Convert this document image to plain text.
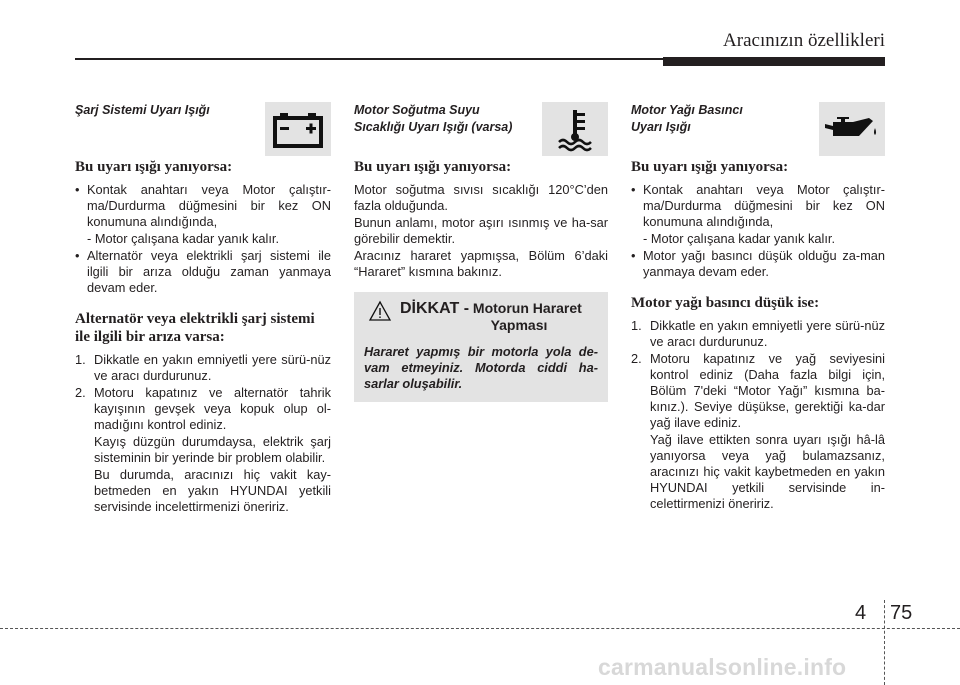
Aracınızın özellikleri
Şarj Sistemi Uyarı Işığı
Bu uyarı ışığı yanıyorsa:
• Kontak anahtarı veya Motor çalıştır-ma/Durdurma düğmesini bir kez ON konumuna alındığında,
- Motor çalışana kadar yanık kalır.
• Alternatör veya elektrikli şarj sistemi ile ilgili bir arıza olduğu zaman yanmaya devam eder.
Alternatör veya elektrikli şarj sistemi ile ilgili bir arıza varsa:
1. Dikkatle en yakın emniyetli yere sürü-nüz ve aracı durdurunuz.
2. Motoru kapatınız ve alternatör tahrik kayışının gevşek veya kopuk olup ol-madığını kontrol ediniz.
Kayış düzgün durumdaysa, elektrik şarj sisteminin bir yerinde bir problem olabilir.
Bu durumda, aracınızı hiç vakit kay-betmeden en yakın HYUNDAI yetkili servisinde incelettirmenizi öneririz.
Motor Soğutma Suyu
Sıcaklığı Uyarı Işığı (varsa)
Bu uyarı ışığı yanıyorsa:
Motor soğutma sıvısı sıcaklığı 120°C’den fazla olduğunda.
Bunun anlamı, motor aşırı ısınmış ve ha-sar görebilir demektir.
Aracınız hararet yapmışsa, Bölüm 6’daki “Hararet” kısmına bakınız.
DİKKAT - Motorun Hararet
Yapması
Hararet yapmış bir motorla yola de-vam etmeyiniz. Motorda ciddi ha-sarlar oluşabilir.
Motor Yağı Basıncı
Uyarı Işığı
Bu uyarı ışığı yanıyorsa:
• Kontak anahtarı veya Motor çalıştır-ma/Durdurma düğmesini bir kez ON konumuna alındığında,
- Motor çalışana kadar yanık kalır.
• Motor yağı basıncı düşük olduğu za-man yanmaya devam eder.
Motor yağı basıncı düşük ise:
1. Dikkatle en yakın emniyetli yere sürü-nüz ve aracı durdurunuz.
2. Motoru kapatınız ve yağ seviyesini kontrol ediniz (Daha fazla bilgi için, Bölüm 7'deki “Motor Yağı” kısmına ba-kınız.). Seviye düşükse, gerektiği ka-dar yağ ilave ediniz.
Yağ ilave ettikten sonra uyarı ışığı hâ-lâ yanıyorsa veya yağ bulamazsanız, aracınızı hiç vakit kaybetmeden en yakın HYUNDAI yetkili servisinde in-celettirmenizi öneririz.
4 75
carmanualsonline.info
